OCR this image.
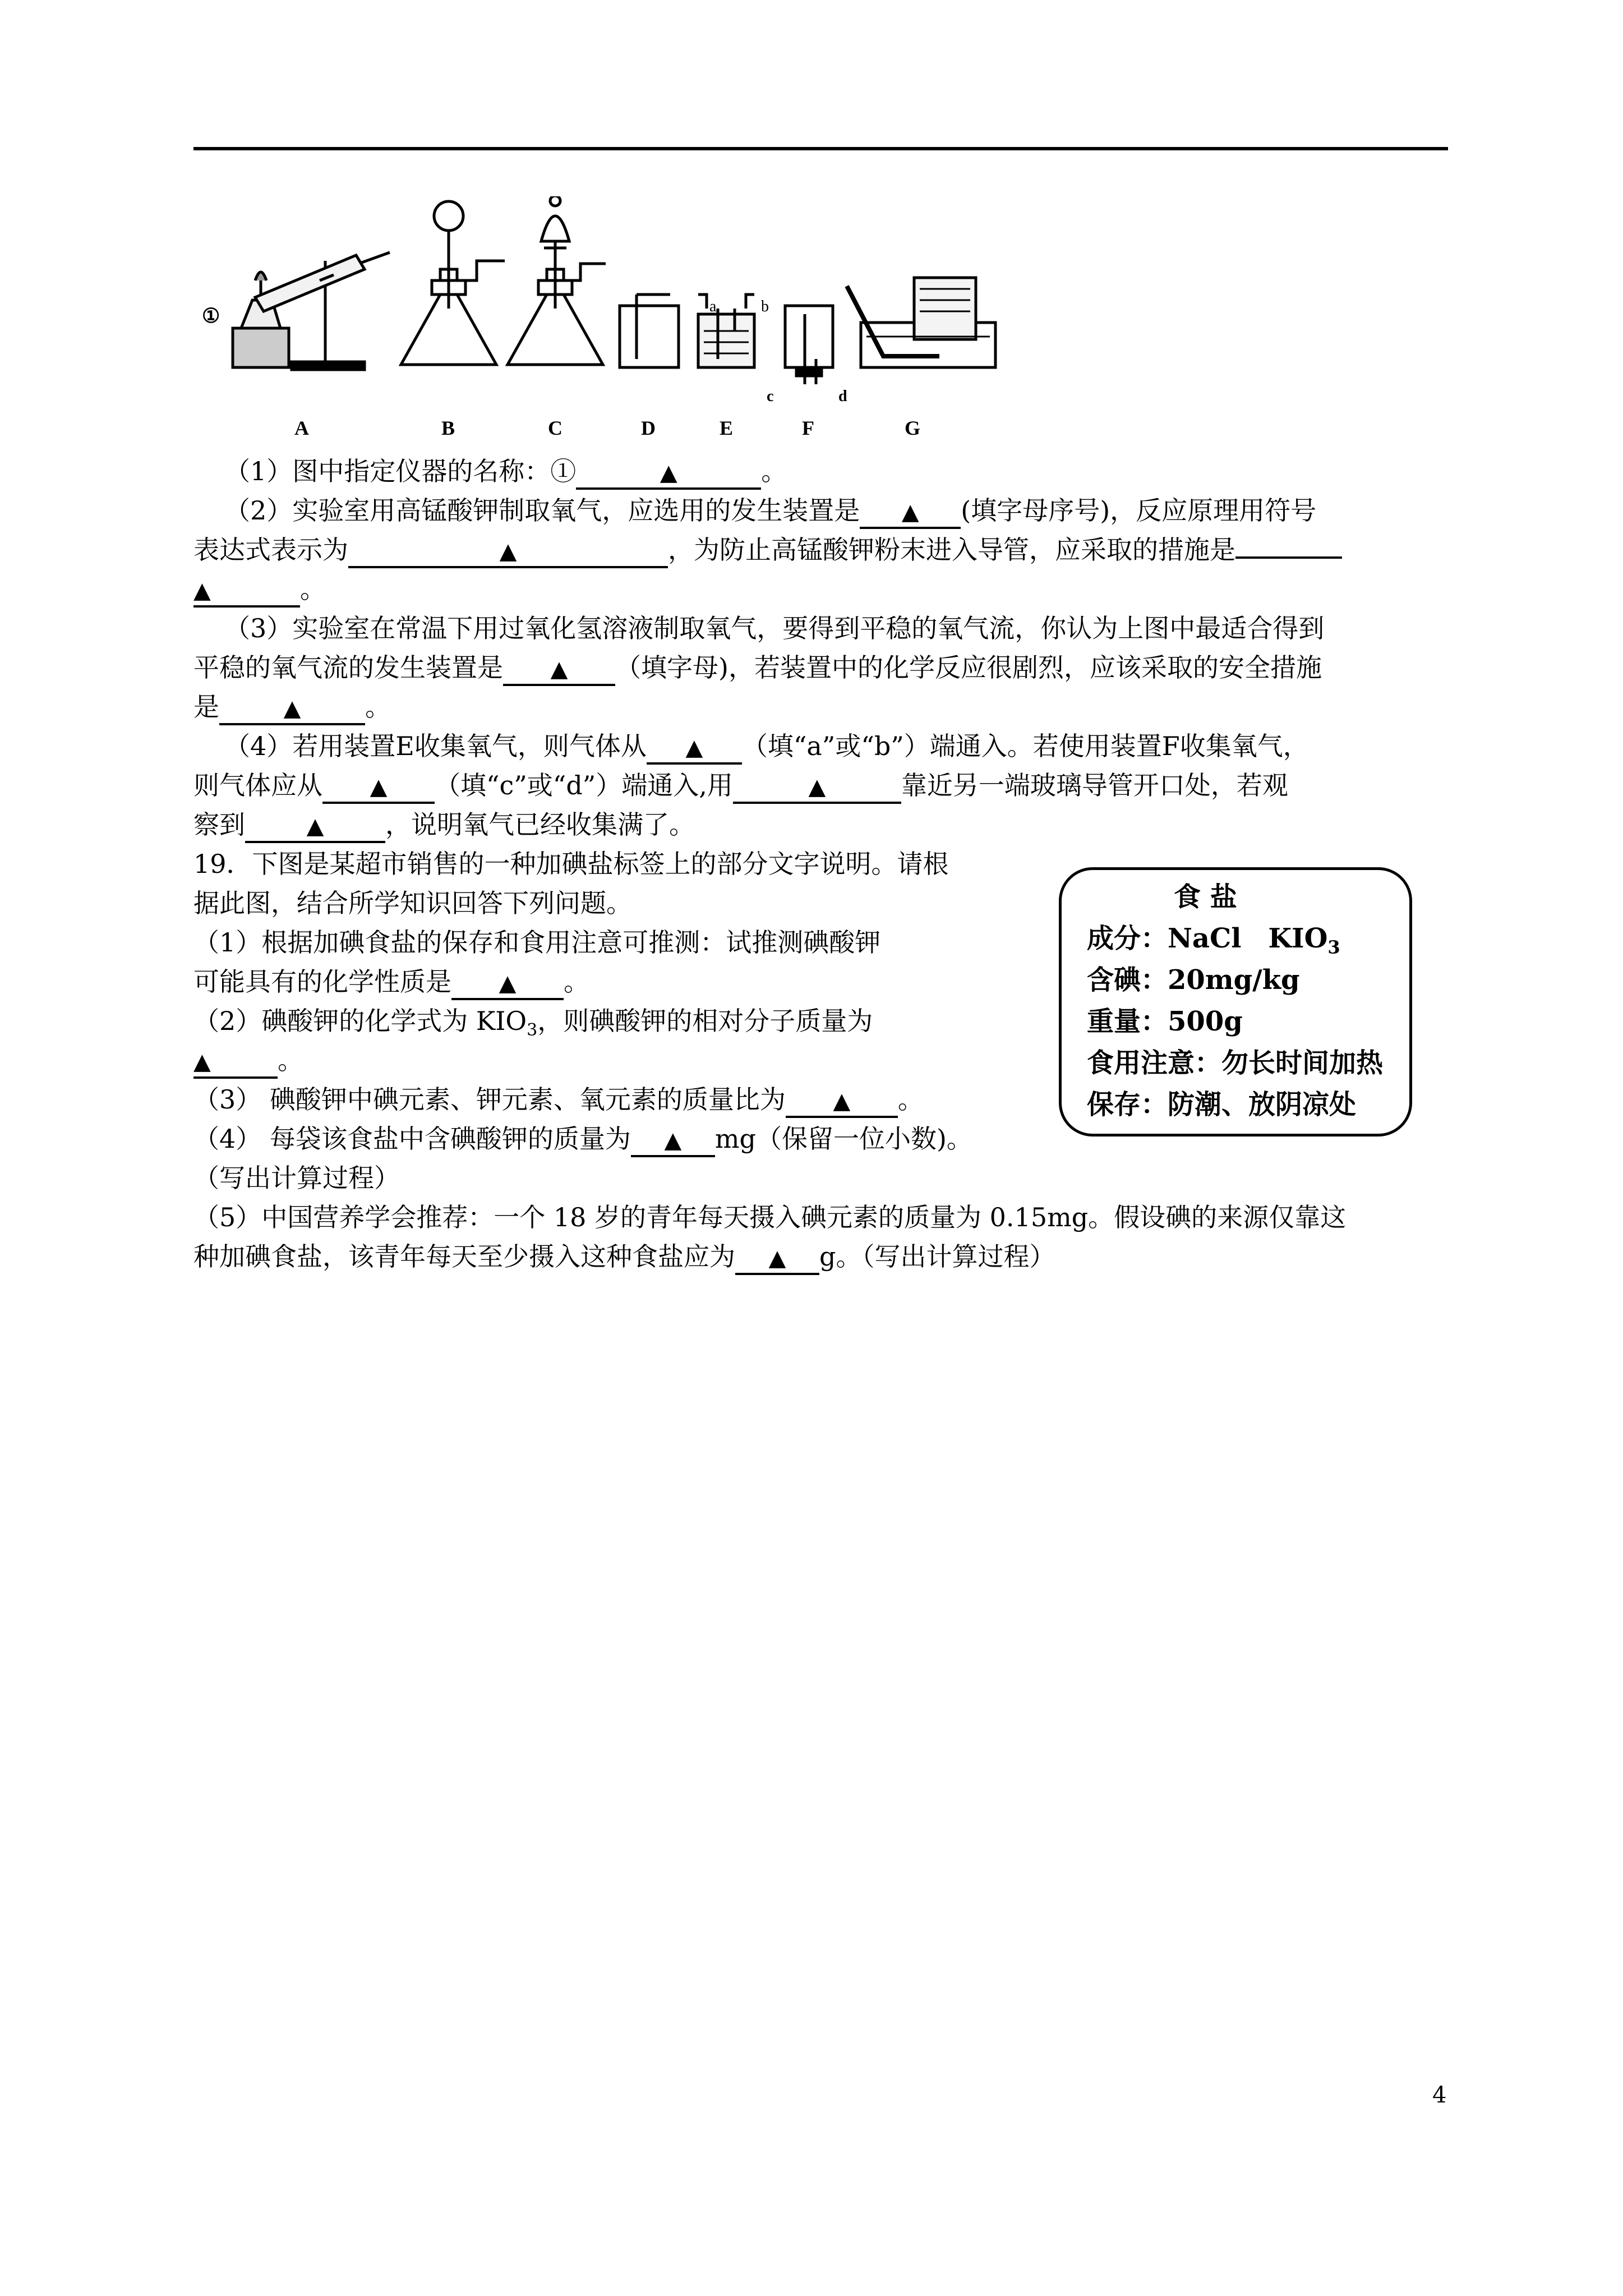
①
A	B	C	D	E	F	G
a	b
c	d
（1）图中指定仪器的名称：①	▲	。
（2）实验室用高锰酸钾制取氧气，应选用的发生装置是 ▲ (填字母序号)，反应原理用符号
表达式表示为	▲	，为防止高锰酸钾粉末进入导管，应采取的措施是
▲	。
（3）实验室在常温下用过氧化氢溶液制取氧气，要得到平稳的氧气流，你认为上图中最适合得到
平稳的氧气流的发生装置是 ▲ （填字母)，若装置中的化学反应很剧烈，应该采取的安全措施
是	▲ 。
（4）若用装置E收集氧气，则气体从 ▲ （填“a”或“b”）端通入。若使用装置F收集氧气，
则气体应从 ▲ （填“c”或“d”）端通入,用	▲	靠近另一端玻璃导管开口处，若观
察到	▲ ，说明氧气已经收集满了。
19．下图是某超市销售的一种加碘盐标签上的部分文字说明。请根
据此图，结合所学知识回答下列问题。
（1）根据加碘食盐的保存和食用注意可推测：试推测碘酸钾
可能具有的化学性质是 ▲ 。
（2）碘酸钾的化学式为 $KIO_3$，则碘酸钾的相对分子质量为
▲	。
（3） 碘酸钾中碘元素、钾元素、氧元素的质量比为 ▲ 。
（4） 每袋该食盐中含碘酸钾的质量为 ▲ mg（保留一位小数)。
（写出计算过程）
（5）中国营养学会推荐：一个 18 岁的青年每天摄入碘元素的质量为 0.15mg。假设碘的来源仅靠这
种加碘食盐，该青年每天至少摄入这种食盐应为 ▲ g。（写出计算过程）
食 盐
成分：NaCl　$KIO_3$
含碘：20mg/kg
重量：500g
食用注意：勿长时间加热
保存：防潮、放阴凉处
4
